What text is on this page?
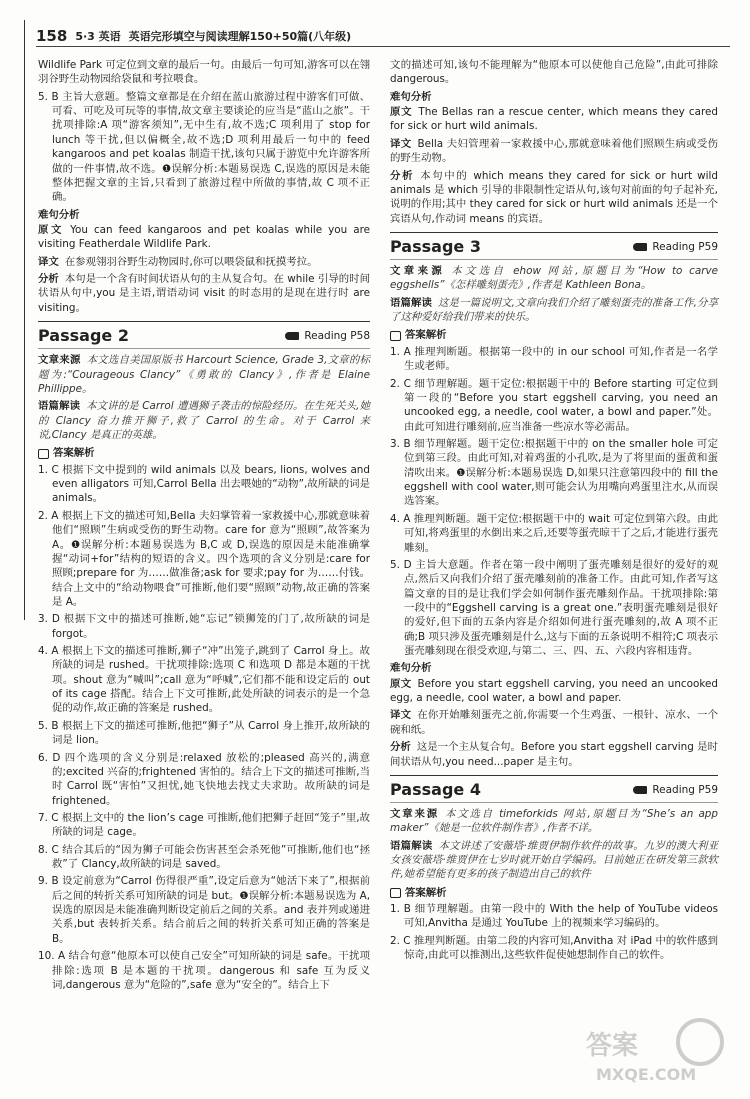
158 5·3 英语 英语完形填空与阅读理解150+50篇(八年级)

Wildlife Park 可定位到文章的最后一句。由最后一句可知,游客可以在翎羽谷野生动物园给袋鼠和考拉喂食。

5. B 主旨大意题。整篇文章都是在介绍在蓝山旅游过程中游客们可做、可看、可吃及可玩等的事情,故文章主要谈论的应当是“蓝山之旅”。干扰项排除:A 项“游客须知”,无中生有,故不选;C 项利用了 stop for lunch 等干扰,但以偏概全,故不选;D 项利用最后一句中的 feed kangaroos and pet koalas 制造干扰,该句只属于游览中允许游客所做的一件事情,故不选。❶误解分析:本题易误选 C,误选的原因是未能整体把握文章的主旨,只看到了旅游过程中所做的事情,故 C 项不正确。

难句分析

原文 You can feed kangaroos and pet koalas while you are visiting Featherdale Wildlife Park.

译文 在参观翎羽谷野生动物园时,你可以喂袋鼠和抚摸考拉。

分析 本句是一个含有时间状语从句的主从复合句。在 while 引导的时间状语从句中,you 是主语,谓语动词 visit 的时态用的是现在进行时 are visiting。

Passage 2	Reading P58

文章来源 本文选自美国原版书 Harcourt Science, Grade 3,文章的标题为:“Courageous Clancy”《勇敢的 Clancy》,作者是 Elaine Phillippe。

语篇解读 本文讲的是 Carrol 遭遇狮子袭击的惊险经历。在生死关头,她的 Clancy 奋力推开狮子,救了 Carrol 的生命。对于 Carrol 来说,Clancy 是真正的英雄。

答案解析

1. C 根据下文中提到的 wild animals 以及 bears, lions, wolves and even alligators 可知,Carrol Bella 出去喂她的“动物”,故所缺的词是 animals。

2. A 根据上下文的描述可知,Bella 夫妇掌管着一家救援中心,那就意味着他们“照顾”生病或受伤的野生动物。care for 意为“照顾”,故答案为 A。❶误解分析:本题易误选为 B,C 或 D,误选的原因是未能准确掌握“动词+for”结构的短语的含义。四个选项的含义分别是:care for 照顾;prepare for 为……做准备;ask for 要求;pay for 为……付钱。结合上文中的“给动物喂食”可推断,他们要“照顾”动物,故正确的答案是 A。

3. D 根据下文中的描述可推断,她“忘记”锁狮笼的门了,故所缺的词是 forgot。

4. A 根据上下文的描述可推断,狮子“冲”出笼子,跳到了 Carrol 身上。故所缺的词是 rushed。干扰项排除:选项 C 和选项 D 都是本题的干扰项。shout 意为“喊叫”;call 意为“呼喊”,它们都不能和设定后的 out of its cage 搭配。结合上下文可推断,此处所缺的词表示的是一个急促的动作,故正确的答案是 rushed。

5. B 根据上下文的描述可推断,他把“狮子”从 Carrol 身上推开,故所缺的词是 lion。

6. D 四个选项的含义分别是:relaxed 放松的;pleased 高兴的,满意的;excited 兴奋的;frightened 害怕的。结合上下文的描述可推断,当时 Carrol 既“害怕”又担忧,她飞快地去找丈夫求助。故所缺的词是 frightened。

7. C 根据上文中的 the lion’s cage 可推断,他们把狮子赶回“笼子”里,故所缺的词是 cage。

8. C 结合其后的“因为狮子可能会伤害甚至会杀死他”可推断,他们也“拯救”了 Clancy,故所缺的词是 saved。

9. B 设定前意为“Carrol 伤得很严重”,设定后意为“她活下来了”,根据前后之间的转折关系可知所缺的词是 but。❶误解分析:本题易误选为 A,误选的原因是未能准确判断设定前后之间的关系。and 表并列或递进关系,but 表转折关系。结合前后之间的转折关系可知正确的答案是 B。

10. A 结合句意“他原本可以使自己安全”可知所缺的词是 safe。干扰项排除:选项 B 是本题的干扰项。dangerous 和 safe 互为反义词,dangerous 意为“危险的”,safe 意为“安全的”。结合上下

文的描述可知,该句不能理解为“他原本可以使他自己危险”,由此可排除 dangerous。

难句分析

原文 The Bellas ran a rescue center, which means they cared for sick or hurt wild animals.

译文 Bella 夫妇管理着一家救援中心,那就意味着他们照顾生病或受伤的野生动物。

分析 本句中的 which means they cared for sick or hurt wild animals 是 which 引导的非限制性定语从句,该句对前面的句子起补充,说明的作用;其中 they cared for sick or hurt wild animals 还是一个宾语从句,作动词 means 的宾语。

Passage 3	Reading P59

文章来源 本文选自 ehow 网站,原题目为“How to carve eggshells”《怎样雕刻蛋壳》,作者是 Kathleen Bona。

语篇解读 这是一篇说明文,文章向我们介绍了雕刻蛋壳的准备工作,分享了这种爱好给我们带来的快乐。

答案解析

1. A 推理判断题。根据第一段中的 in our school 可知,作者是一名学生或老师。

2. C 细节理解题。题干定位:根据题干中的 Before starting 可定位到第一段的“Before you start eggshell carving, you need an uncooked egg, a needle, cool water, a bowl and paper.”处。由此可知进行雕刻前,应当准备一些凉水等必需品。

3. B 细节理解题。题干定位:根据题干中的 on the smaller hole 可定位到第三段。由此可知,对着鸡蛋的小孔吹,是为了将里面的蛋黄和蛋清吹出来。❶误解分析:本题易误选 D,如果只注意第四段中的 fill the eggshell with cool water,则可能会认为用嘴向鸡蛋里注水,从而误选答案。

4. A 推理判断题。题干定位:根据题干中的 wait 可定位到第六段。由此可知,将鸡蛋里的水倒出来之后,还要等蛋壳晾干了之后,才能进行蛋壳雕刻。

5. D 主旨大意题。作者在第一段中阐明了蛋壳雕刻是很好的爱好的观点,然后又向我们介绍了蛋壳雕刻前的准备工作。由此可知,作者写这篇文章的目的是让我们学会如何制作蛋壳雕刻作品。干扰项排除:第一段中的“Eggshell carving is a great one.”表明蛋壳雕刻是很好的爱好,但下面的五条内容是介绍如何进行蛋壳雕刻的,故 A 项不正确;B 项只涉及蛋壳雕刻是什么,这与下面的五条说明不相符;C 项表示蛋壳雕刻现在很受欢迎,与第二、三、四、五、六段内容相违背。

难句分析

原文 Before you start eggshell carving, you need an uncooked egg, a needle, cool water, a bowl and paper.

译文 在你开始雕刻蛋壳之前,你需要一个生鸡蛋、一根针、凉水、一个碗和纸。

分析 这是一个主从复合句。Before you start eggshell carving 是时间状语从句,you need...paper 是主句。

Passage 4	Reading P59

文章来源 本文选自 timeforkids 网站,原题目为“She’s an app maker”《她是一位软件制作者》,作者不详。

语篇解读 本文讲述了安薇塔·维贾伊制作软件的故事。九岁的澳大利亚女孩安薇塔·维贾伊在七岁时就开始自学编码。目前她正在研发第三款软件,她希望能有更多的孩子制造出自己的软件

答案解析

1. B 细节理解题。由第一段中的 With the help of YouTube videos 可知,Anvitha 是通过 YouTube 上的视频来学习编码的。

2. C 推理判断题。由第二段的内容可知,Anvitha 对 iPad 中的软件感到惊奇,由此可以推测出,这些软件促使她想制作自己的软件。

答案
MXQE.COM
